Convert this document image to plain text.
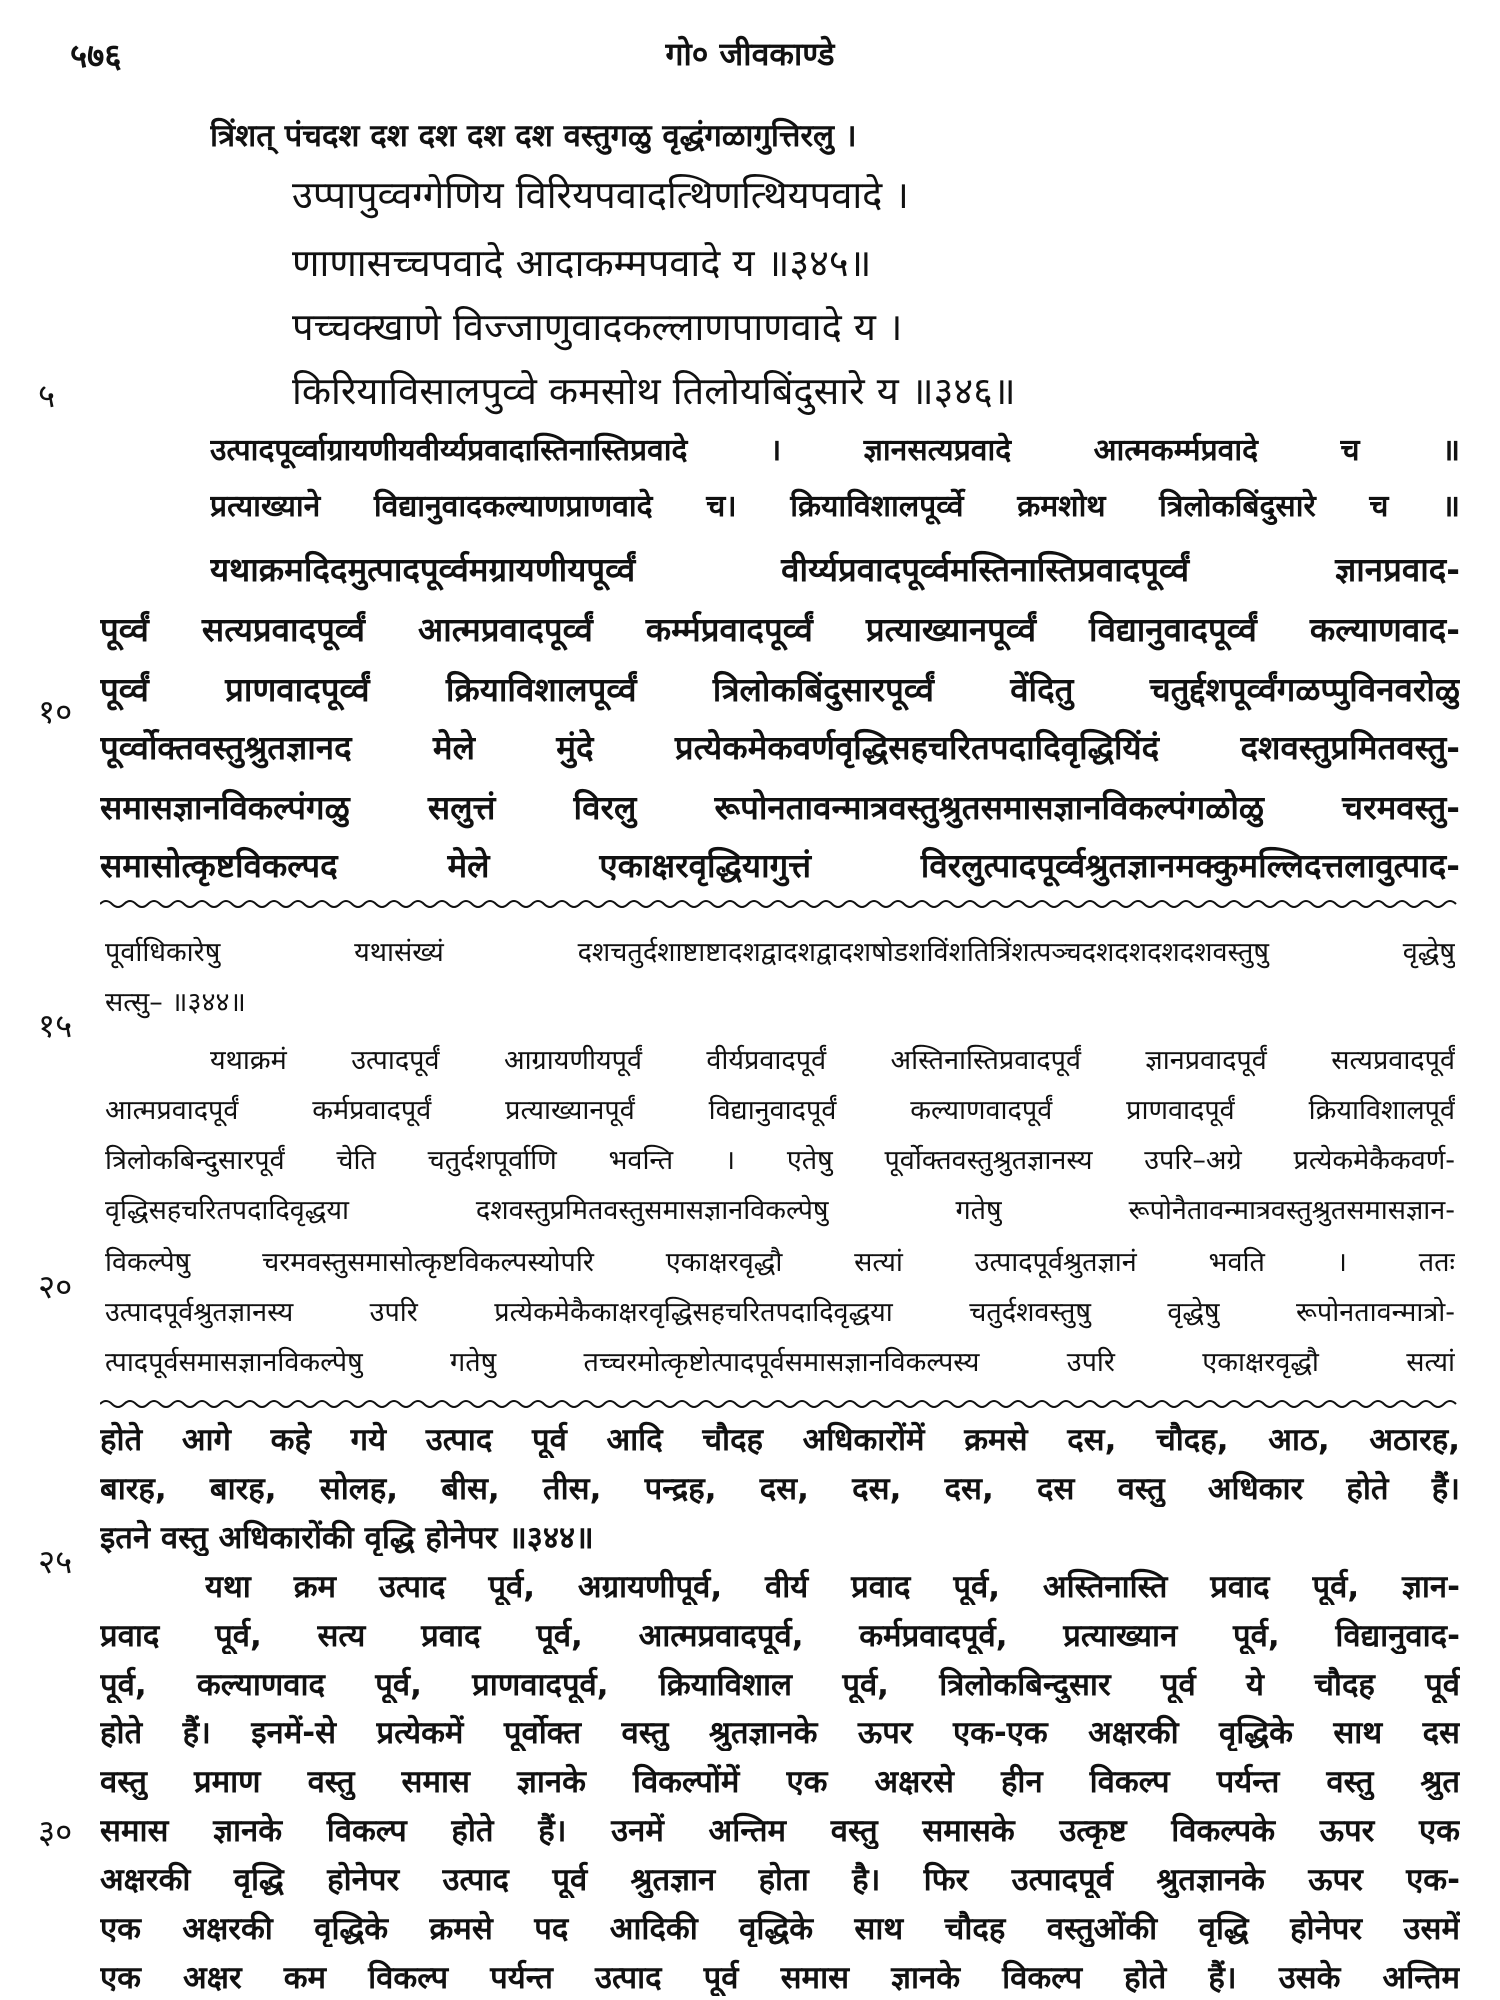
५७६	गो० जीवकाण्डे
५
१०
१५
२०
२५
३०
त्रिंशत् पंचदश दश दश दश दश वस्तुगळु वृद्धंगळागुत्तिरलु ।
उप्पापुव्वग्गेणिय विरियपवादत्थिणत्थियपवादे ।
णाणासच्चपवादे आदाकम्मपवादे य ॥३४५॥
पच्चक्खाणे विज्जाणुवादकल्लाणपाणवादे य ।
किरियाविसालपुव्वे कमसोथ तिलोयबिंदुसारे य ॥३४६॥
उत्पादपूर्व्वाग्रायणीयवीर्य्यप्रवादास्तिनास्तिप्रवादे । ज्ञानसत्यप्रवादे आत्मकर्म्मप्रवादे च ॥
प्रत्याख्याने विद्यानुवादकल्याणप्राणवादे च। क्रियाविशालपूर्व्वे क्रमशोथ त्रिलोकबिंदुसारे च ॥
यथाक्रमदिदमुत्पादपूर्व्वमग्रायणीयपूर्व्वं वीर्य्यप्रवादपूर्व्वमस्तिनास्तिप्रवादपूर्व्वं ज्ञानप्रवाद-
पूर्व्वं सत्यप्रवादपूर्व्वं आत्मप्रवादपूर्व्वं कर्म्मप्रवादपूर्व्वं प्रत्याख्यानपूर्व्वं विद्यानुवादपूर्व्वं कल्याणवाद-
पूर्व्वं प्राणवादपूर्व्वं क्रियाविशालपूर्व्वं त्रिलोकबिंदुसारपूर्व्वं वेंदितु चतुर्द्दशपूर्व्वंगळप्पुविनवरोळु
पूर्व्वोक्तवस्तुश्रुतज्ञानद मेले मुंदे प्रत्येकमेकवर्णवृद्धिसहचरितपदादिवृद्धियिंदं दशवस्तुप्रमितवस्तु-
समासज्ञानविकल्पंगळु सलुत्तं विरलु रूपोनतावन्मात्रवस्तुश्रुतसमासज्ञानविकल्पंगळोळु चरमवस्तु-
समासोत्कृष्टविकल्पद मेले एकाक्षरवृद्धियागुत्तं विरलुत्पादपूर्व्वश्रुतज्ञानमक्कुमल्लिदत्तलावुत्पाद-
पूर्वाधिकारेषु यथासंख्यं दशचतुर्दशाष्टाष्टादशद्वादशद्वादशषोडशविंशतित्रिंशत्पञ्चदशदशदशदशवस्तुषु वृद्धेषु
सत्सु– ॥३४४॥
यथाक्रमं उत्पादपूर्वं आग्रायणीयपूर्वं वीर्यप्रवादपूर्वं अस्तिनास्तिप्रवादपूर्वं ज्ञानप्रवादपूर्वं सत्यप्रवादपूर्वं
आत्मप्रवादपूर्वं कर्मप्रवादपूर्वं प्रत्याख्यानपूर्वं विद्यानुवादपूर्वं कल्याणवादपूर्वं प्राणवादपूर्वं क्रियाविशालपूर्वं
त्रिलोकबिन्दुसारपूर्वं चेति चतुर्दशपूर्वाणि भवन्ति । एतेषु पूर्वोक्तवस्तुश्रुतज्ञानस्य उपरि–अग्रे प्रत्येकमेकैकवर्ण-
वृद्धिसहचरितपदादिवृद्धया दशवस्तुप्रमितवस्तुसमासज्ञानविकल्पेषु गतेषु रूपोनैतावन्मात्रवस्तुश्रुतसमासज्ञान-
विकल्पेषु चरमवस्तुसमासोत्कृष्टविकल्पस्योपरि एकाक्षरवृद्धौ सत्यां उत्पादपूर्वश्रुतज्ञानं भवति । ततः
उत्पादपूर्वश्रुतज्ञानस्य उपरि प्रत्येकमेकैकाक्षरवृद्धिसहचरितपदादिवृद्धया चतुर्दशवस्तुषु वृद्धेषु रूपोनतावन्मात्रो-
त्पादपूर्वसमासज्ञानविकल्पेषु गतेषु तच्चरमोत्कृष्टोत्पादपूर्वसमासज्ञानविकल्पस्य उपरि एकाक्षरवृद्धौ सत्यां
होते आगे कहे गये उत्पाद पूर्व आदि चौदह अधिकारोंमें क्रमसे दस, चौदह, आठ, अठारह,
बारह, बारह, सोलह, बीस, तीस, पन्द्रह, दस, दस, दस, दस वस्तु अधिकार होते हैं।
इतने वस्तु अधिकारोंकी वृद्धि होनेपर ॥३४४॥
यथा क्रम उत्पाद पूर्व, अग्रायणीपूर्व, वीर्य प्रवाद पूर्व, अस्तिनास्ति प्रवाद पूर्व, ज्ञान-
प्रवाद पूर्व, सत्य प्रवाद पूर्व, आत्मप्रवादपूर्व, कर्मप्रवादपूर्व, प्रत्याख्यान पूर्व, विद्यानुवाद-
पूर्व, कल्याणवाद पूर्व, प्राणवादपूर्व, क्रियाविशाल पूर्व, त्रिलोकबिन्दुसार पूर्व ये चौदह पूर्व
होते हैं। इनमें-से प्रत्येकमें पूर्वोक्त वस्तु श्रुतज्ञानके ऊपर एक-एक अक्षरकी वृद्धिके साथ दस
वस्तु प्रमाण वस्तु समास ज्ञानके विकल्पोंमें एक अक्षरसे हीन विकल्प पर्यन्त वस्तु श्रुत
समास ज्ञानके विकल्प होते हैं। उनमें अन्तिम वस्तु समासके उत्कृष्ट विकल्पके ऊपर एक
अक्षरकी वृद्धि होनेपर उत्पाद पूर्व श्रुतज्ञान होता है। फिर उत्पादपूर्व श्रुतज्ञानके ऊपर एक-
एक अक्षरकी वृद्धिके क्रमसे पद आदिकी वृद्धिके साथ चौदह वस्तुओंकी वृद्धि होनेपर उसमें
एक अक्षर कम विकल्प पर्यन्त उत्पाद पूर्व समास ज्ञानके विकल्प होते हैं। उसके अन्तिम
